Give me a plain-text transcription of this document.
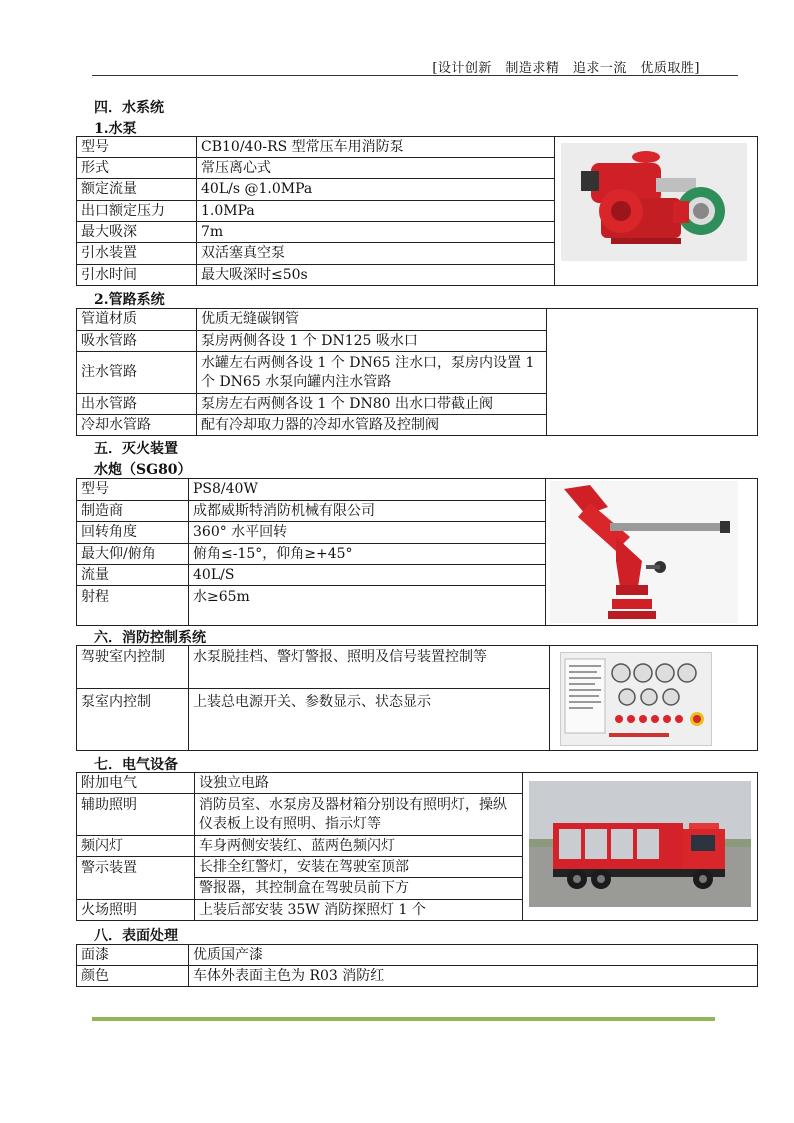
[设计创新　制造求精　追求一流　优质取胜]
四．水系统
1.水泵
型号	CB10/40-RS 型常压车用消防泵	

形式	常压离心式	
额定流量	40L/s @1.0MPa	
出口额定压力	1.0MPa	
最大吸深	7m	
引水装置	双活塞真空泵	
引水时间	最大吸深时≤50s	
2.管路系统
管道材质	优质无缝碳钢管	
吸水管路	泵房两侧各设 1 个 DN125 吸水口	
注水管路	水罐左右两侧各设 1 个 DN65 注水口，泵房内设置 1 个 DN65 水泵向罐内注水管路	
出水管路	泵房左右两侧各设 1 个 DN80 出水口带截止阀	
冷却水管路	配有冷却取力器的冷却水管路及控制阀	
五．灭火装置
水炮（SG80）
型号	PS8/40W	

制造商	成都威斯特消防机械有限公司	
回转角度	360° 水平回转	
最大仰/俯角	俯角≤-15°，仰角≥+45°	
流量	40L/S	
射程	水≥65m	
六．消防控制系统
驾驶室内控制	水泵脱挂档、警灯警报、照明及信号装置控制等	

泵室内控制	上装总电源开关、参数显示、状态显示	
七．电气设备
附加电气	设独立电路	

辅助照明	消防员室、水泵房及器材箱分别设有照明灯，操纵仪表板上设有照明、指示灯等	
频闪灯	车身两侧安装红、蓝两色频闪灯	
警示装置	长排全红警灯，安装在驾驶室顶部	
	警报器，其控制盒在驾驶员前下方	
火场照明	上装后部安装 35W 消防探照灯 1 个	
八．表面处理
面漆	优质国产漆
颜色	车体外表面主色为 R03 消防红
